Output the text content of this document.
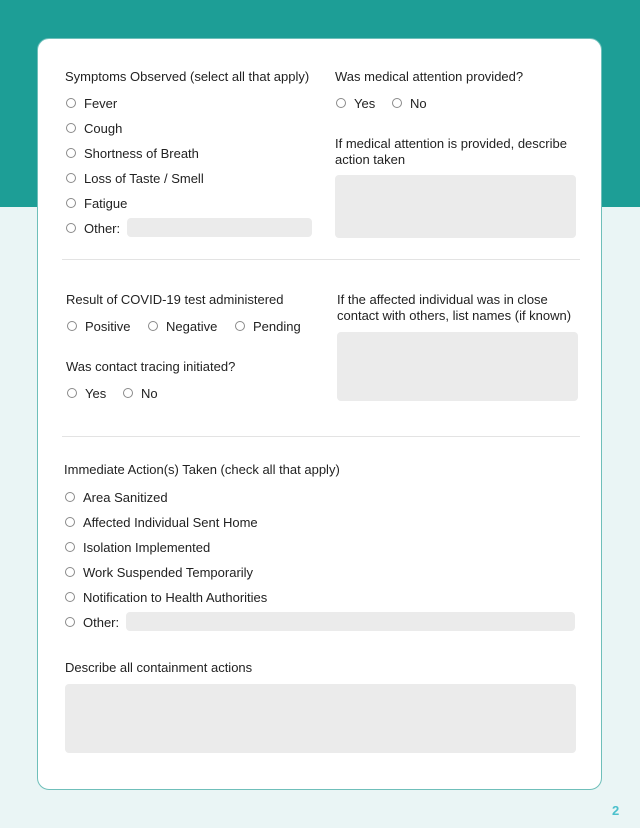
Symptoms Observed (select all that apply)
Fever
Cough
Shortness of Breath
Loss of Taste / Smell
Fatigue
Other:
Was medical attention provided?
Yes	No
If medical attention is provided, describe action taken
Result of COVID-19 test administered
Positive	Negative	Pending
Was contact tracing initiated?
Yes	No
If the affected individual was in close contact with others, list names (if known)
Immediate Action(s) Taken (check all that apply)
Area Sanitized
Affected Individual Sent Home
Isolation Implemented
Work Suspended Temporarily
Notification to Health Authorities
Other:
Describe all containment actions
2
